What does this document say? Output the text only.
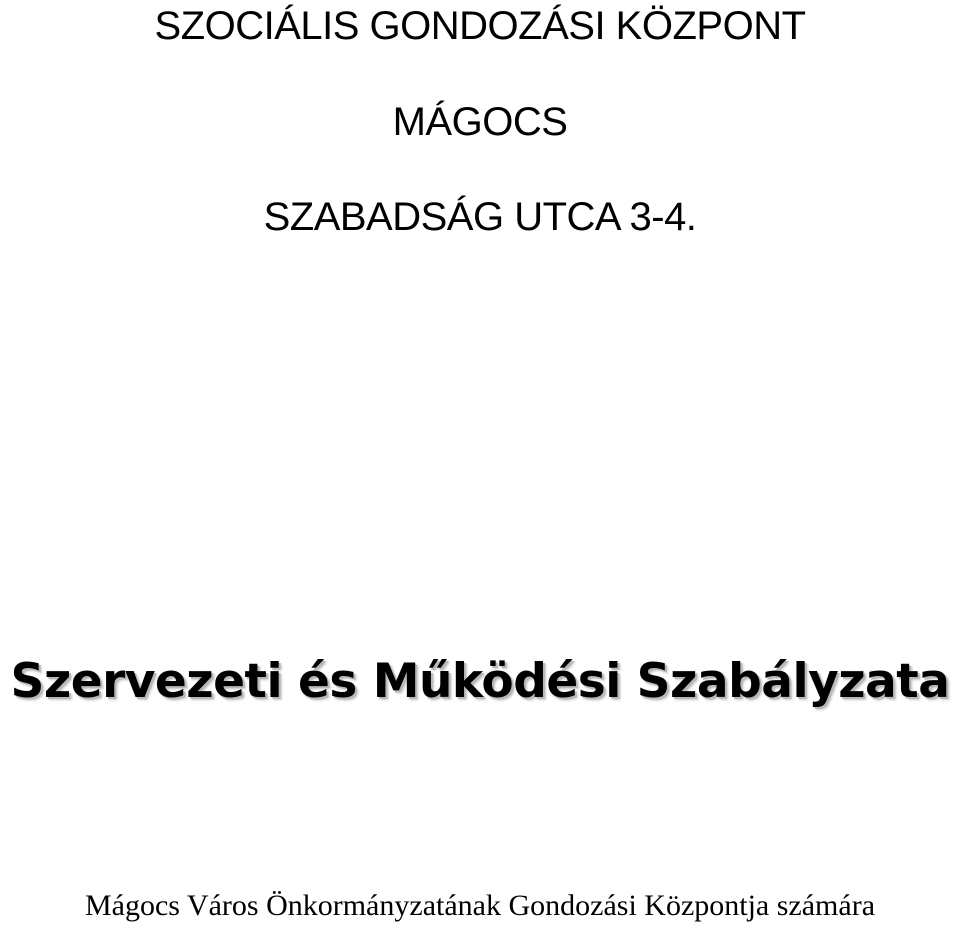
SZOCIÁLIS GONDOZÁSI KÖZPONT
MÁGOCS
SZABADSÁG UTCA 3-4.
Szervezeti és Működési Szabályzata

Mágocs Város Önkormányzatának Gondozási Központja számára
